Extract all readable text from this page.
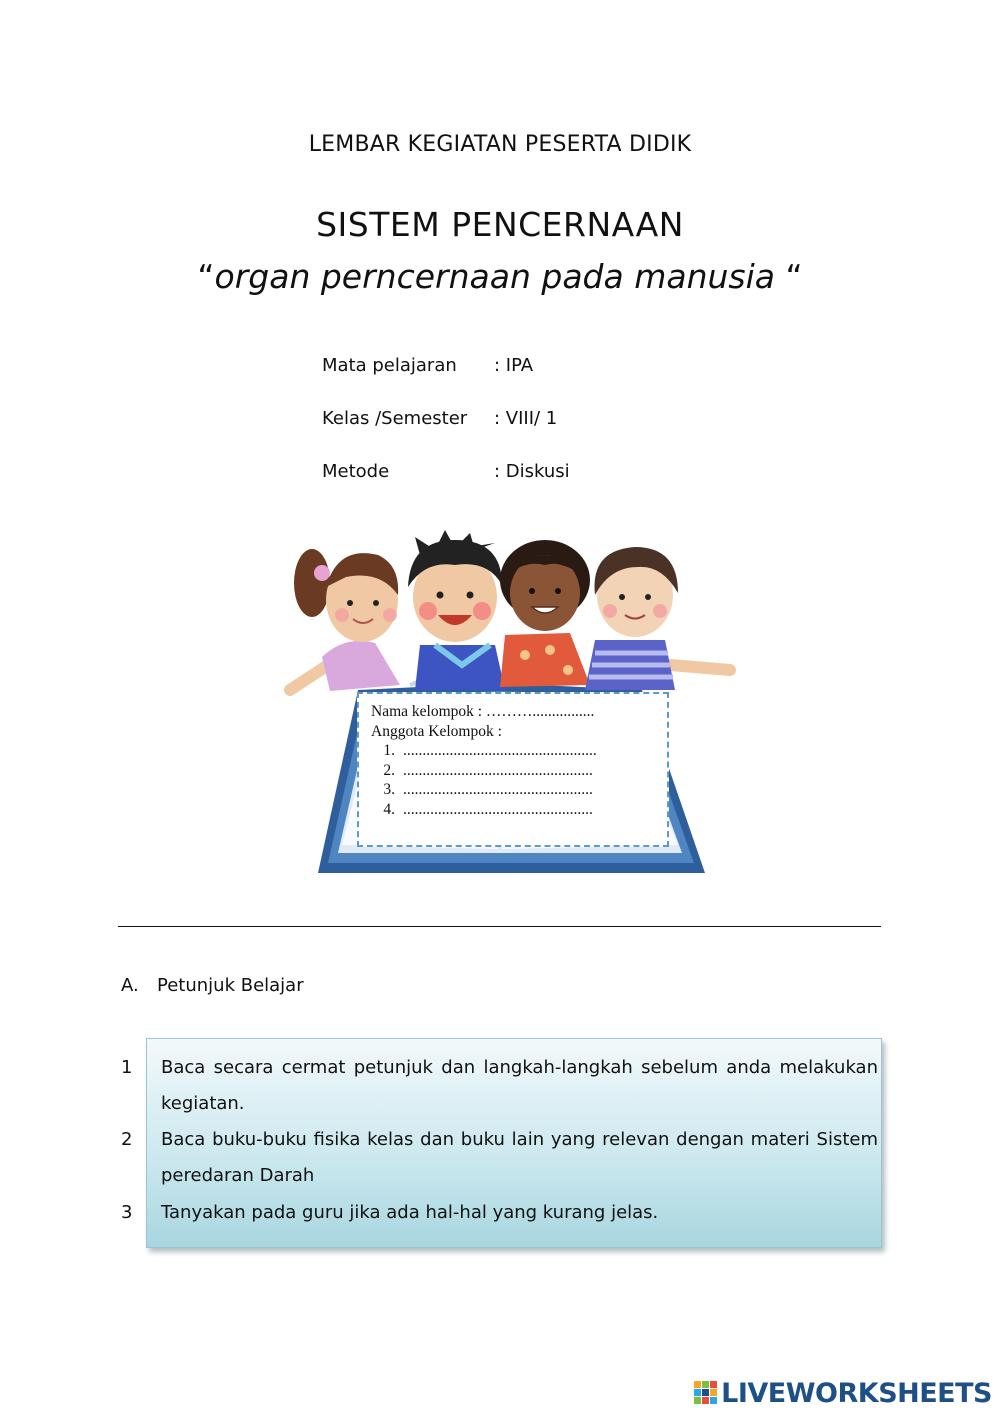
LEMBAR KEGIATAN PESERTA DIDIK
SISTEM PENCERNAAN
“organ perncernaan pada manusia “
Mata pelajaran	: IPA
Kelas /Semester	: VIII/ 1
Metode	: Diskusi
Nama kelompok : ………................
Anggota Kelompok :
1. ..................................................
2. .................................................
3. .................................................
4. .................................................
A. Petunjuk Belajar
1 Baca secara cermat petunjuk dan langkah-langkah sebelum anda melakukan kegiatan.
2 Baca buku-buku fisika kelas dan buku lain yang relevan dengan materi Sistem peredaran Darah
3 Tanyakan pada guru jika ada hal-hal yang kurang jelas.
LIVEWORKSHEETS
